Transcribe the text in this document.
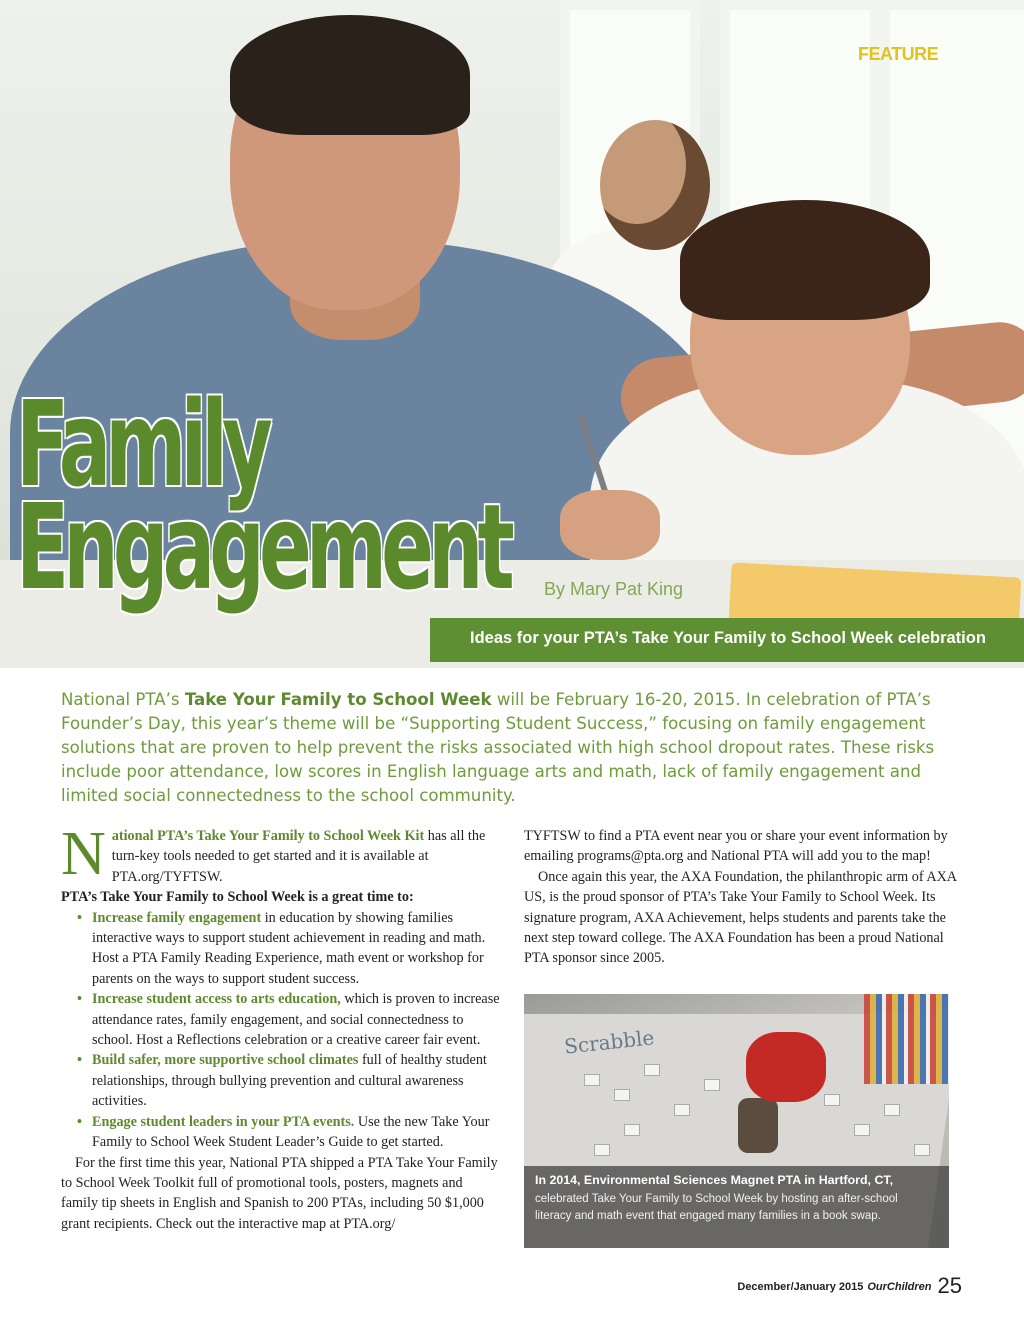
FEATURE
Family
Engagement By Mary Pat King
Ideas for your PTA’s Take Your Family to School Week celebration
National PTA’s Take Your Family to School Week will be February 16-20, 2015. In celebration of PTA’s Founder’s Day, this year’s theme will be “Supporting Student Success,” focusing on family engagement solutions that are proven to help prevent the risks associated with high school dropout rates. These risks include poor attendance, low scores in English language arts and math, lack of family engagement and limited social connectedness to the school community.

National PTA’s Take Your Family to School Week Kit has all the turn-key tools needed to get started and it is available at PTA.org/TYFTSW.

PTA’s Take Your Family to School Week is a great time to:

• Increase family engagement in education by showing families interactive ways to support student achievement in reading and math. Host a PTA Family Reading Experience, math event or workshop for parents on the ways to support student success.

• Increase student access to arts education, which is proven to increase attendance rates, family engagement, and social connectedness to school. Host a Reflections celebration or a creative career fair event.

• Build safer, more supportive school climates full of healthy student relationships, through bullying prevention and cultural awareness activities.

• Engage student leaders in your PTA events. Use the new Take Your Family to School Week Student Leader’s Guide to get started.

For the first time this year, National PTA shipped a PTA Take Your Family to School Week Toolkit full of promotional tools, posters, magnets and family tip sheets in English and Spanish to 200 PTAs, including 50 $1,000 grant recipients. Check out the interactive map at PTA.org/

TYFTSW to find a PTA event near you or share your event information by emailing programs@pta.org and National PTA will add you to the map!

Once again this year, the AXA Foundation, the philanthropic arm of AXA US, is the proud sponsor of PTA’s Take Your Family to School Week. Its signature program, AXA Achievement, helps students and parents take the next step toward college. The AXA Foundation has been a proud National PTA sponsor since 2005.

Scrabble
In 2014, Environmental Sciences Magnet PTA in Hartford, CT,
celebrated Take Your Family to School Week by hosting an after-school literacy and math event that engaged many families in a book swap.
December/January 2015 OurChildren 25
